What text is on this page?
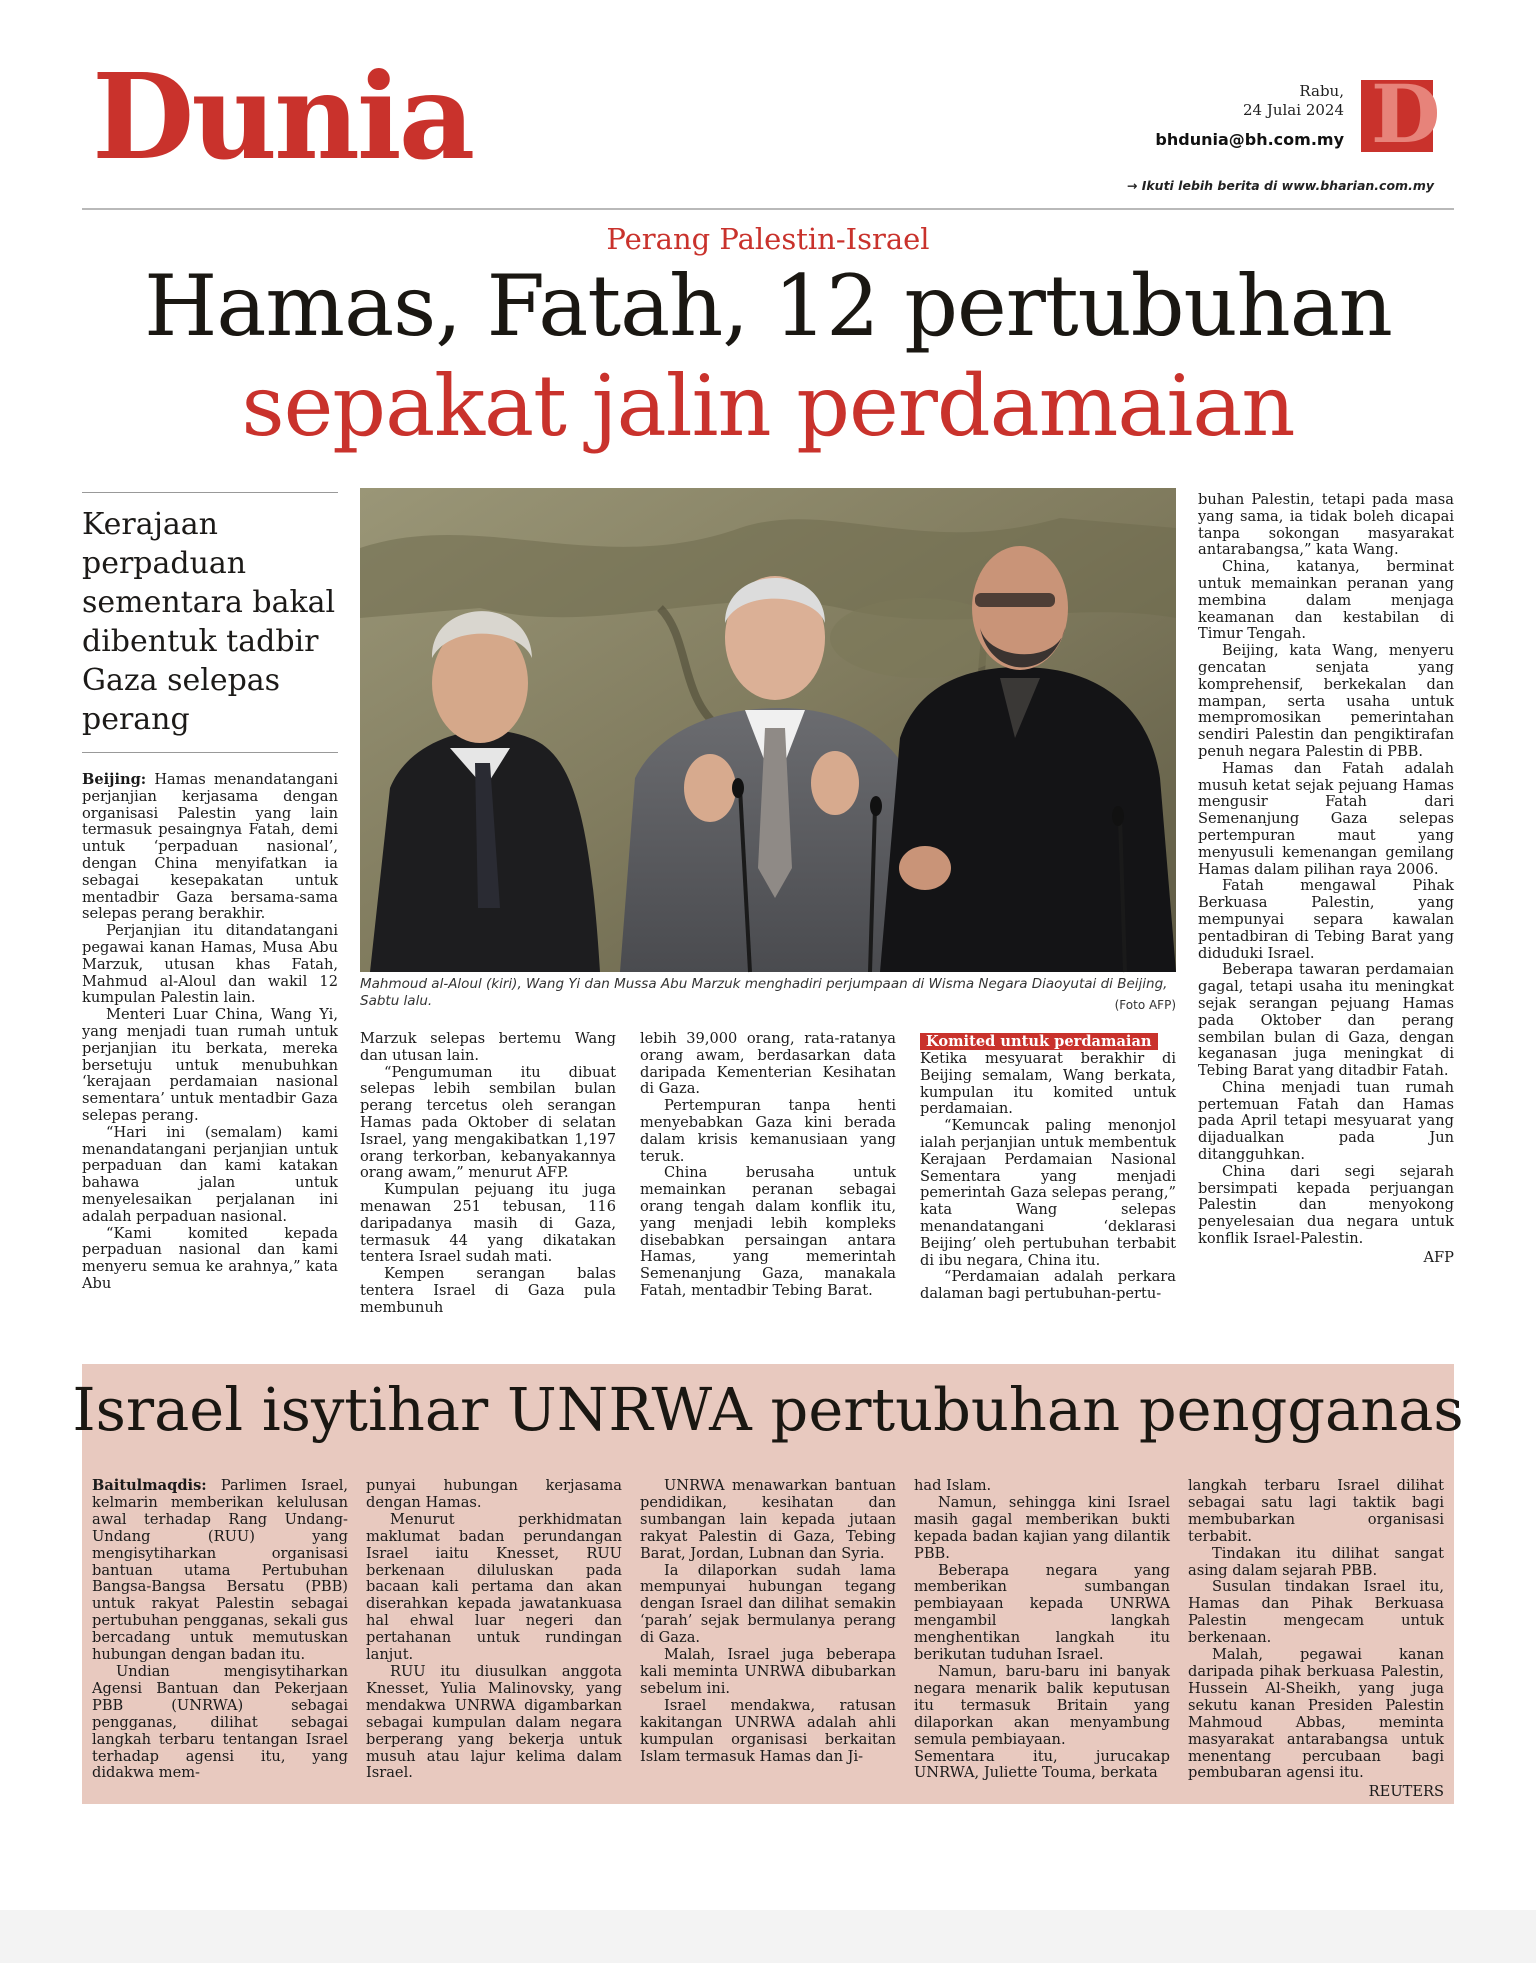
Dunia	Rabu,
24 Julai 2024
bhdunia@bh.com.my D
→ Ikuti lebih berita di www.bharian.com.my
Perang Palestin-Israel
Hamas, Fatah, 12 pertubuhan
sepakat jalin perdamaian
Kerajaan perpaduan sementara bakal dibentuk tadbir Gaza selepas perang
Mahmoud al-Aloul (kiri), Wang Yi dan Mussa Abu Marzuk menghadiri perjumpaan di Wisma Negara Diaoyutai di Beijing, Sabtu lalu.	(Foto AFP)

Beijing: Hamas menandatangani perjanjian kerjasama dengan organisasi Palestin yang lain termasuk pesaingnya Fatah, demi untuk ‘perpaduan nasional’, dengan China menyifatkan ia sebagai kesepakatan untuk mentadbir Gaza bersama-sama selepas perang berakhir.

Perjanjian itu ditandatangani pegawai kanan Hamas, Musa Abu Marzuk, utusan khas Fatah, Mahmud al-Aloul dan wakil 12 kumpulan Palestin lain.

Menteri Luar China, Wang Yi, yang menjadi tuan rumah untuk perjanjian itu berkata, mereka bersetuju untuk menubuhkan ‘kerajaan perdamaian nasional sementara’ untuk mentadbir Gaza selepas perang.

“Hari ini (semalam) kami menandatangani perjanjian untuk perpaduan dan kami katakan bahawa jalan untuk menyelesaikan perjalanan ini adalah perpaduan nasional.

“Kami komited kepada perpaduan nasional dan kami menyeru semua ke arahnya,” kata Abu

Marzuk selepas bertemu Wang dan utusan lain.

“Pengumuman itu dibuat selepas lebih sembilan bulan perang tercetus oleh serangan Hamas pada Oktober di selatan Israel, yang mengakibatkan 1,197 orang terkorban, kebanyakannya orang awam,” menurut AFP.

Kumpulan pejuang itu juga menawan 251 tebusan, 116 daripadanya masih di Gaza, termasuk 44 yang dikatakan tentera Israel sudah mati.

Kempen serangan balas tentera Israel di Gaza pula membunuh

lebih 39,000 orang, rata-ratanya orang awam, berdasarkan data daripada Kementerian Kesihatan di Gaza.

Pertempuran tanpa henti menyebabkan Gaza kini berada dalam krisis kemanusiaan yang teruk.

China berusaha untuk memainkan peranan sebagai orang tengah dalam konflik itu, yang menjadi lebih kompleks disebabkan persaingan antara Hamas, yang memerintah Semenanjung Gaza, manakala Fatah, mentadbir Tebing Barat.

Komited untuk perdamaian

Ketika mesyuarat berakhir di Beijing semalam, Wang berkata, kumpulan itu komited untuk perdamaian.

“Kemuncak paling menonjol ialah perjanjian untuk membentuk Kerajaan Perdamaian Nasional Sementara yang menjadi pemerintah Gaza selepas perang,” kata Wang selepas menandatangani ‘deklarasi Beijing’ oleh pertubuhan terbabit di ibu negara, China itu.

“Perdamaian adalah perkara dalaman bagi pertubuhan-pertu-

buhan Palestin, tetapi pada masa yang sama, ia tidak boleh dicapai tanpa sokongan masyarakat antarabangsa,” kata Wang.

China, katanya, berminat untuk memainkan peranan yang membina dalam menjaga keamanan dan kestabilan di Timur Tengah.

Beijing, kata Wang, menyeru gencatan senjata yang komprehensif, berkekalan dan mampan, serta usaha untuk mempromosikan pemerintahan sendiri Palestin dan pengiktirafan penuh negara Palestin di PBB.

Hamas dan Fatah adalah musuh ketat sejak pejuang Hamas mengusir Fatah dari Semenanjung Gaza selepas pertempuran maut yang menyusuli kemenangan gemilang Hamas dalam pilihan raya 2006.

Fatah mengawal Pihak Berkuasa Palestin, yang mempunyai separa kawalan pentadbiran di Tebing Barat yang diduduki Israel.

Beberapa tawaran perdamaian gagal, tetapi usaha itu meningkat sejak serangan pejuang Hamas pada Oktober dan perang sembilan bulan di Gaza, dengan keganasan juga meningkat di Tebing Barat yang ditadbir Fatah.

China menjadi tuan rumah pertemuan Fatah dan Hamas pada April tetapi mesyuarat yang dijadualkan pada Jun ditangguhkan.

China dari segi sejarah bersimpati kepada perjuangan Palestin dan menyokong penyelesaian dua negara untuk konflik Israel-Palestin.

AFP

Baitulmaqdis: Parlimen Israel, kelmarin memberikan kelulusan awal terhadap Rang Undang-Undang (RUU) yang mengisytiharkan organisasi bantuan utama Pertubuhan Bangsa-Bangsa Bersatu (PBB) untuk rakyat Palestin sebagai pertubuhan pengganas, sekali gus bercadang untuk memutuskan hubungan dengan badan itu.

Undian mengisytiharkan Agensi Bantuan dan Pekerjaan PBB (UNRWA) sebagai pengganas, dilihat sebagai langkah terbaru tentangan Israel terhadap agensi itu, yang didakwa mem-

punyai hubungan kerjasama dengan Hamas.

Menurut perkhidmatan maklumat badan perundangan Israel iaitu Knesset, RUU berkenaan diluluskan pada bacaan kali pertama dan akan diserahkan kepada jawatankuasa hal ehwal luar negeri dan pertahanan untuk rundingan lanjut.

RUU itu diusulkan anggota Knesset, Yulia Malinovsky, yang mendakwa UNRWA digambarkan sebagai kumpulan dalam negara berperang yang bekerja untuk musuh atau lajur kelima dalam Israel.

UNRWA menawarkan bantuan pendidikan, kesihatan dan sumbangan lain kepada jutaan rakyat Palestin di Gaza, Tebing Barat, Jordan, Lubnan dan Syria.

Ia dilaporkan sudah lama mempunyai hubungan tegang dengan Israel dan dilihat semakin ‘parah’ sejak bermulanya perang di Gaza.

Malah, Israel juga beberapa kali meminta UNRWA dibubarkan sebelum ini.

Israel mendakwa, ratusan kakitangan UNRWA adalah ahli kumpulan organisasi berkaitan Islam termasuk Hamas dan Ji-

had Islam.

Namun, sehingga kini Israel masih gagal memberikan bukti kepada badan kajian yang dilantik PBB.

Beberapa negara yang memberikan sumbangan pembiayaan kepada UNRWA mengambil langkah menghentikan langkah itu berikutan tuduhan Israel.

Namun, baru-baru ini banyak negara menarik balik keputusan itu termasuk Britain yang dilaporkan akan menyambung semula pembiayaan.

Sementara itu, jurucakap UNRWA, Juliette Touma, berkata

langkah terbaru Israel dilihat sebagai satu lagi taktik bagi membubarkan organisasi terbabit.

Tindakan itu dilihat sangat asing dalam sejarah PBB.

Susulan tindakan Israel itu, Hamas dan Pihak Berkuasa Palestin mengecam untuk berkenaan.

Malah, pegawai kanan daripada pihak berkuasa Palestin, Hussein Al-Sheikh, yang juga sekutu kanan Presiden Palestin Mahmoud Abbas, meminta masyarakat antarabangsa untuk menentang percubaan bagi pembubaran agensi itu.

REUTERS
Israel isytihar UNRWA pertubuhan pengganas
